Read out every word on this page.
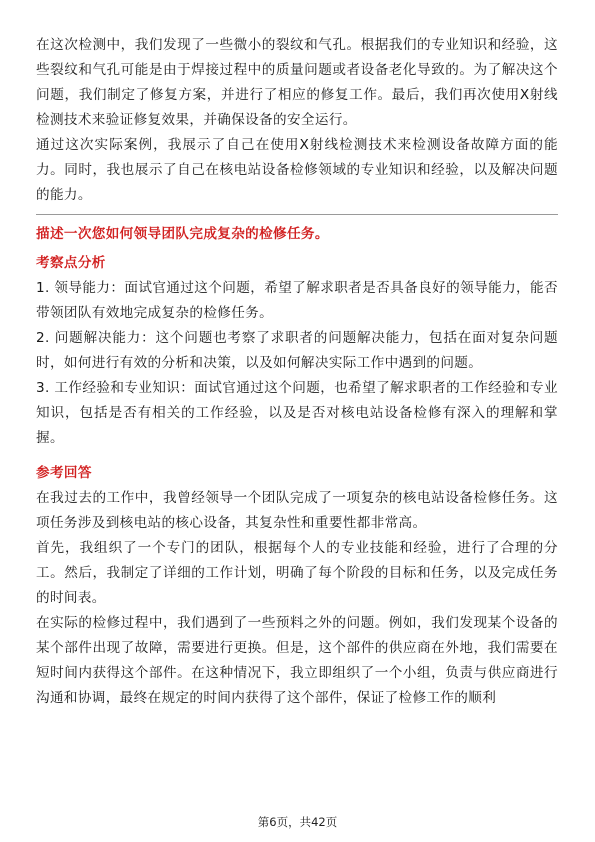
在这次检测中，我们发现了一些微小的裂纹和气孔。根据我们的专业知识和经验，这些裂纹和气孔可能是由于焊接过程中的质量问题或者设备老化导致的。为了解决这个问题，我们制定了修复方案，并进行了相应的修复工作。最后，我们再次使用X射线检测技术来验证修复效果，并确保设备的安全运行。

通过这次实际案例，我展示了自己在使用X射线检测技术来检测设备故障方面的能力。同时，我也展示了自己在核电站设备检修领域的专业知识和经验，以及解决问题的能力。

描述一次您如何领导团队完成复杂的检修任务。

考察点分析

1. 领导能力：面试官通过这个问题，希望了解求职者是否具备良好的领导能力，能否带领团队有效地完成复杂的检修任务。

2. 问题解决能力：这个问题也考察了求职者的问题解决能力，包括在面对复杂问题时，如何进行有效的分析和决策，以及如何解决实际工作中遇到的问题。

3. 工作经验和专业知识：面试官通过这个问题，也希望了解求职者的工作经验和专业知识，包括是否有相关的工作经验，以及是否对核电站设备检修有深入的理解和掌握。

参考回答

在我过去的工作中，我曾经领导一个团队完成了一项复杂的核电站设备检修任务。这项任务涉及到核电站的核心设备，其复杂性和重要性都非常高。

首先，我组织了一个专门的团队，根据每个人的专业技能和经验，进行了合理的分工。然后，我制定了详细的工作计划，明确了每个阶段的目标和任务，以及完成任务的时间表。

在实际的检修过程中，我们遇到了一些预料之外的问题。例如，我们发现某个设备的某个部件出现了故障，需要进行更换。但是，这个部件的供应商在外地，我们需要在短时间内获得这个部件。在这种情况下，我立即组织了一个小组，负责与供应商进行沟通和协调，最终在规定的时间内获得了这个部件，保证了检修工作的顺利

第6页，共42页
